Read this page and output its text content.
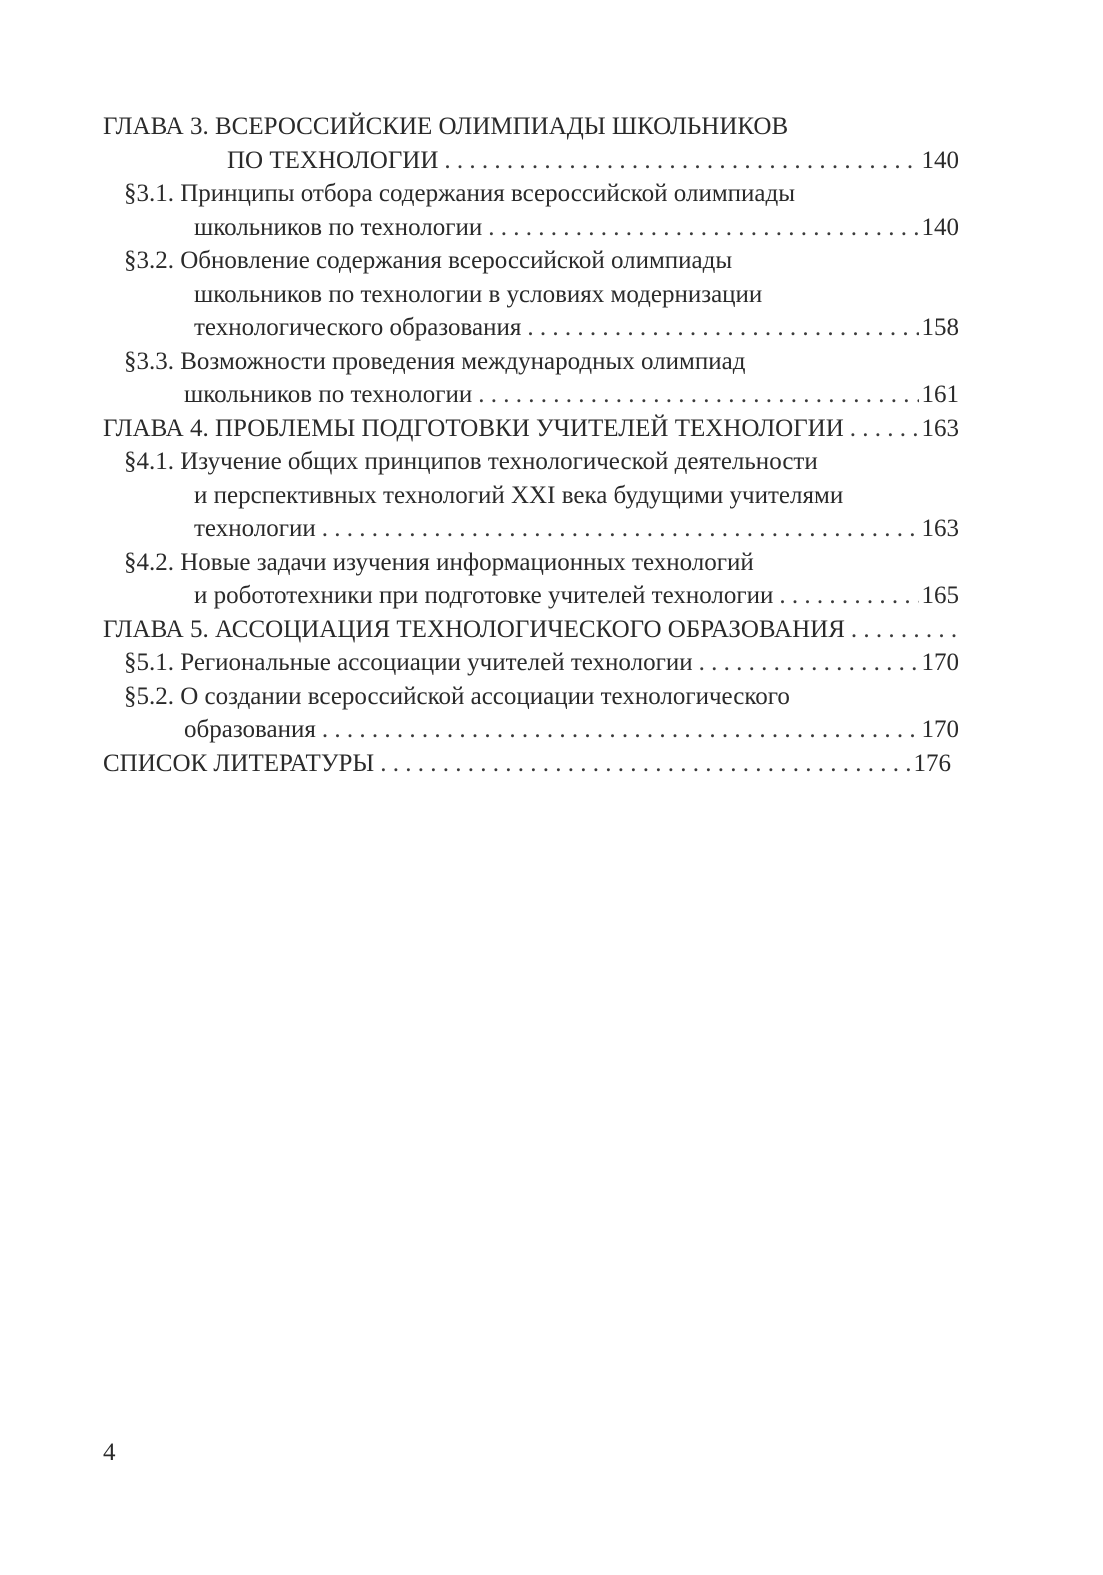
ГЛАВА 3. ВСЕРОССИЙСКИЕ ОЛИМПИАДЫ ШКОЛЬНИКОВ
ПО ТЕХНОЛОГИИ . . .	140
§3.1. Принципы отбора содержания всероссийской олимпиады
школьников по технологии . . .	140
§3.2. Обновление содержания всероссийской олимпиады
школьников по технологии в условиях модернизации
технологического образования . . .	158
§3.3. Возможности проведения международных олимпиад
школьников по технологии . . .	161
ГЛАВА 4. ПРОБЛЕМЫ ПОДГОТОВКИ УЧИТЕЛЕЙ ТЕХНОЛОГИИ . . .	163
§4.1. Изучение общих принципов технологической деятельности
и перспективных технологий XXI века будущими учителями
технологии . . .	163
§4.2. Новые задачи изучения информационных технологий
и робототехники при подготовке учителей технологии . . .	165
ГЛАВА 5. АССОЦИАЦИЯ ТЕХНОЛОГИЧЕСКОГО ОБРАЗОВАНИЯ
. . .
§5.1. Региональные ассоциации учителей технологии . . .	170
§5.2. О создании всероссийской ассоциации технологического
образования . . .	170
СПИСОК ЛИТЕРАТУРЫ . . .	176
4
